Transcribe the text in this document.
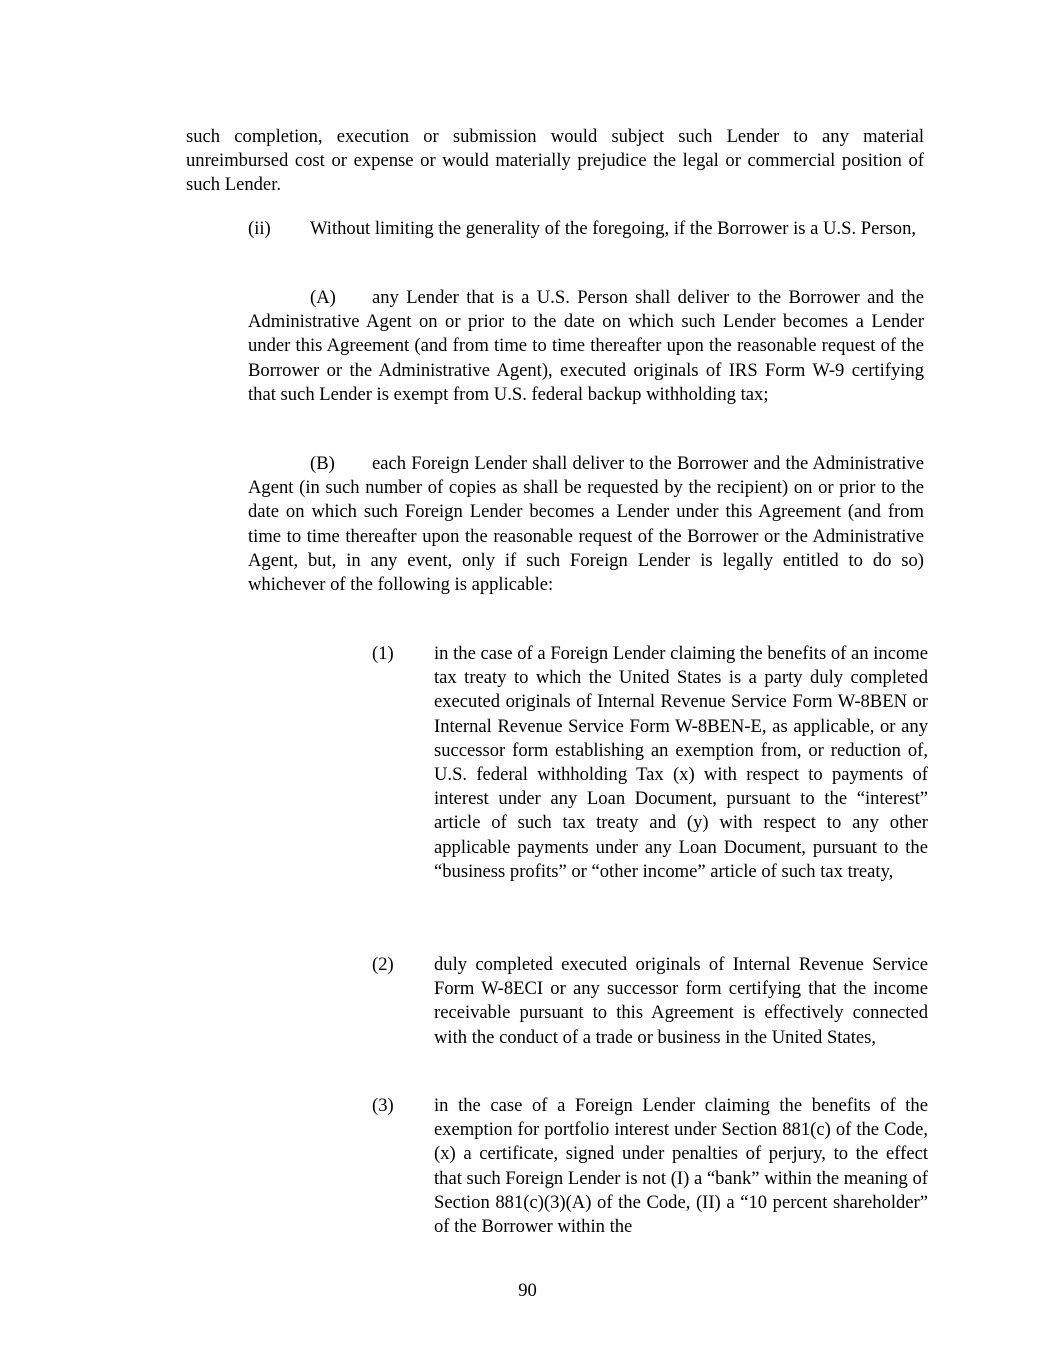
such completion, execution or submission would subject such Lender to any material unreimbursed cost or expense or would materially prejudice the legal or commercial position of such Lender.

(ii) Without limiting the generality of the foregoing, if the Borrower is a U.S. Person,

(A) any Lender that is a U.S. Person shall deliver to the Borrower and the Administrative Agent on or prior to the date on which such Lender becomes a Lender under this Agreement (and from time to time thereafter upon the reasonable request of the Borrower or the Administrative Agent), executed originals of IRS Form W-9 certifying that such Lender is exempt from U.S. federal backup withholding tax;

(B) each Foreign Lender shall deliver to the Borrower and the Administrative Agent (in such number of copies as shall be requested by the recipient) on or prior to the date on which such Foreign Lender becomes a Lender under this Agreement (and from time to time thereafter upon the reasonable request of the Borrower or the Administrative Agent, but, in any event, only if such Foreign Lender is legally entitled to do so) whichever of the following is applicable:

(1) in the case of a Foreign Lender claiming the benefits of an income tax treaty to which the United States is a party duly completed executed originals of Internal Revenue Service Form W-8BEN or Internal Revenue Service Form W-8BEN-E, as applicable, or any successor form establishing an exemption from, or reduction of, U.S. federal withholding Tax (x) with respect to payments of interest under any Loan Document, pursuant to the “interest” article of such tax treaty and (y) with respect to any other applicable payments under any Loan Document, pursuant to the “business profits” or “other income” article of such tax treaty,

(2) duly completed executed originals of Internal Revenue Service Form W-8ECI or any successor form certifying that the income receivable pursuant to this Agreement is effectively connected with the conduct of a trade or business in the United States,

(3) in the case of a Foreign Lender claiming the benefits of the exemption for portfolio interest under Section 881(c) of the Code, (x) a certificate, signed under penalties of perjury, to the effect that such Foreign Lender is not (I) a “bank” within the meaning of Section 881(c)(3)(A) of the Code, (II) a “10 percent shareholder” of the Borrower within the

90
